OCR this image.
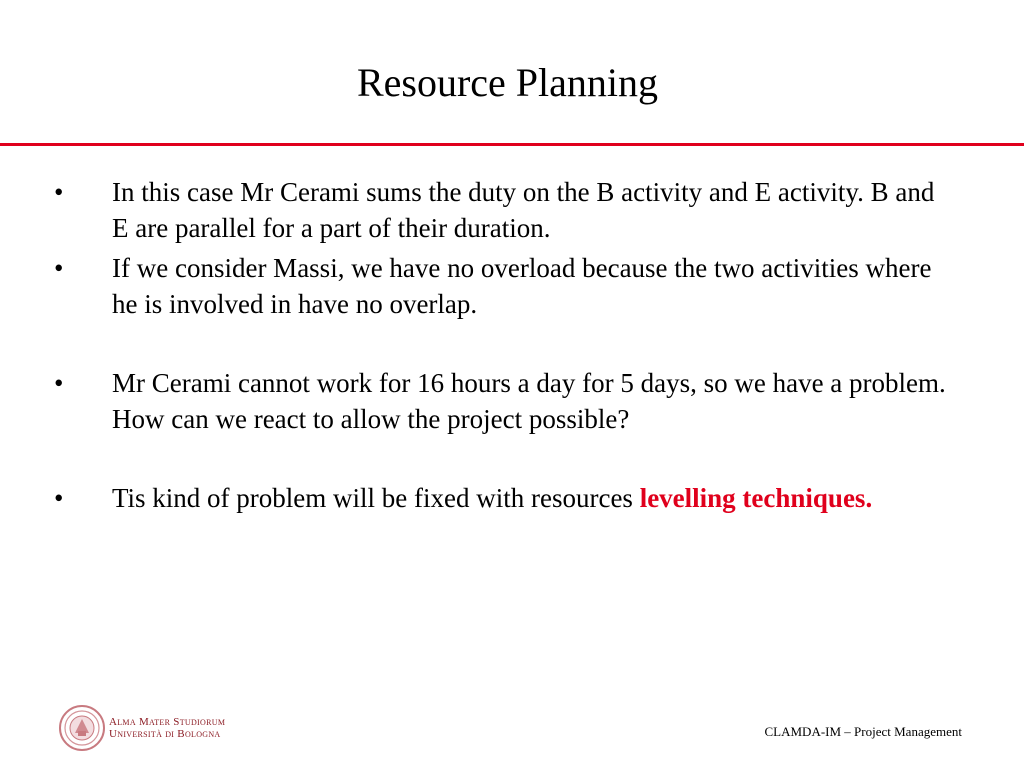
Resource Planning
• In this case Mr Cerami sums the duty on the B activity and E activity. B and E are parallel for a part of their duration.
• If we consider Massi, we have no overload because the two activities where he is involved in have no overlap.
• Mr Cerami cannot work for 16 hours a day for 5 days, so we have a problem. How can we react to allow the project possible?
• Tis kind of problem will be fixed with resources levelling techniques.
Alma Mater Studiorum
Università di Bologna	CLAMDA-IM – Project Management
